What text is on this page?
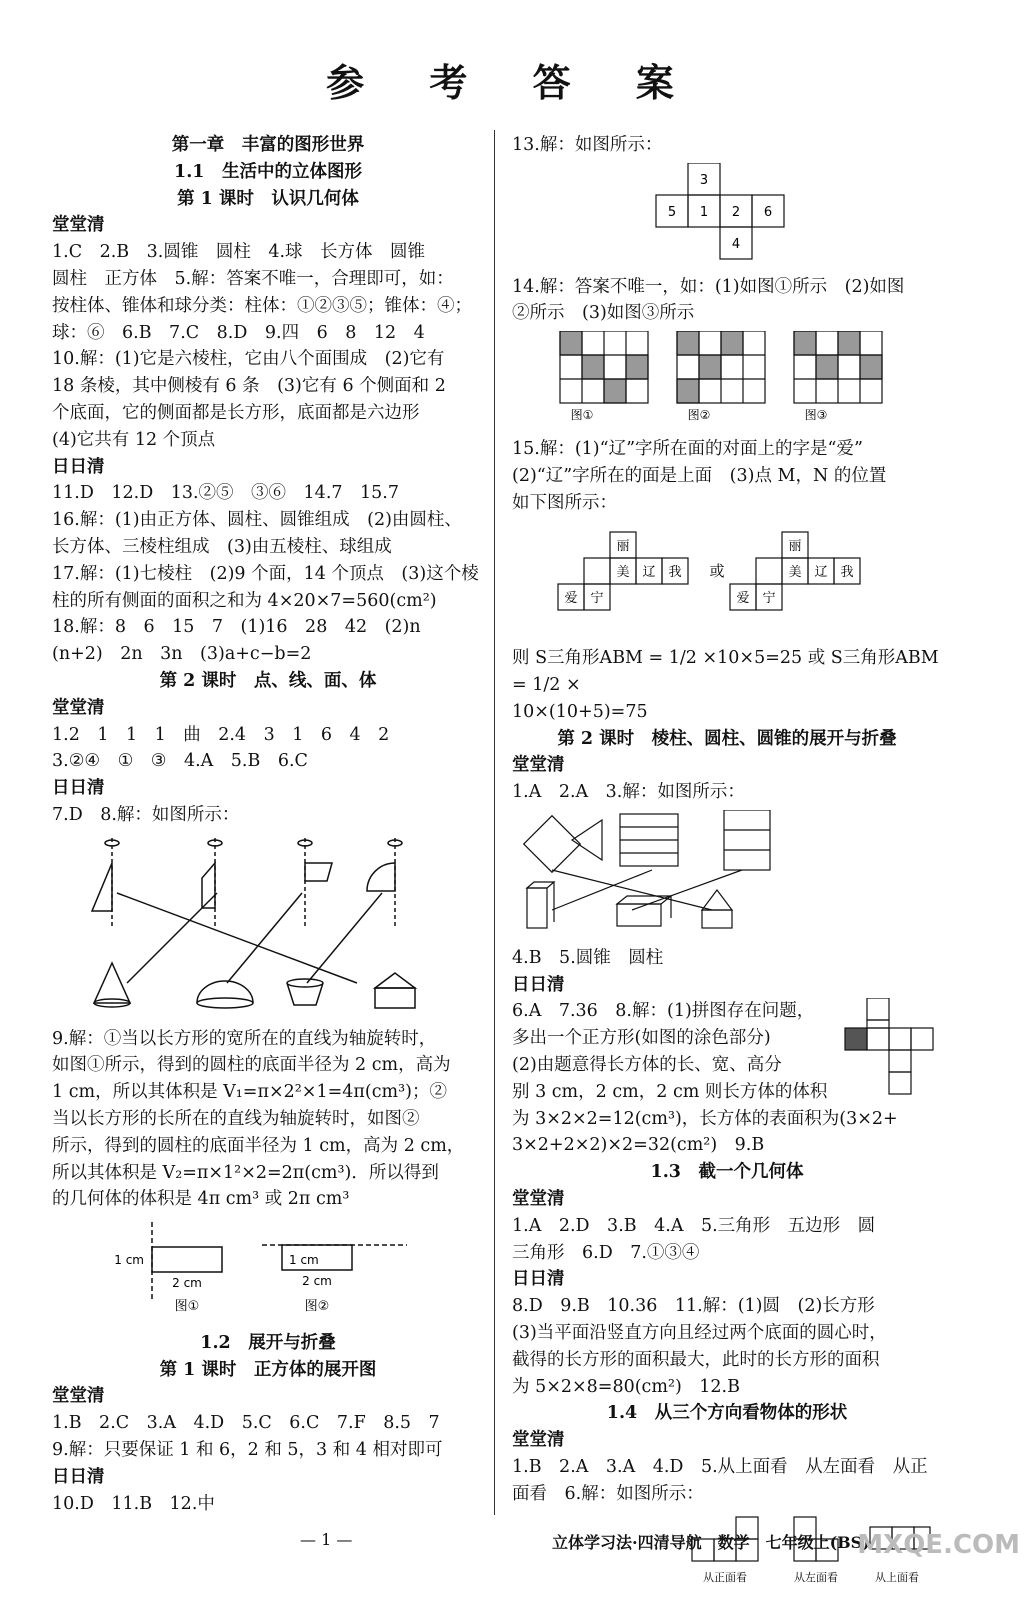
参 考 答 案
第一章　丰富的图形世界
1.1　生活中的立体图形
第 1 课时　认识几何体
堂堂清
1.C　2.B　3.圆锥　圆柱　4.球　长方体　圆锥
圆柱　正方体　5.解：答案不唯一，合理即可，如：
按柱体、锥体和球分类：柱体：①②③⑤；锥体：④；
球：⑥　6.B　7.C　8.D　9.四　6　8　12　4
10.解：(1)它是六棱柱，它由八个面围成　(2)它有
18 条棱，其中侧棱有 6 条　(3)它有 6 个侧面和 2
个底面，它的侧面都是长方形，底面都是六边形
(4)它共有 12 个顶点
日日清
11.D　12.D　13.②⑤　③⑥　14.7　15.7
16.解：(1)由正方体、圆柱、圆锥组成　(2)由圆柱、
长方体、三棱柱组成　(3)由五棱柱、球组成
17.解：(1)七棱柱　(2)9 个面，14 个顶点　(3)这个棱
柱的所有侧面的面积之和为 4×20×7=560(cm²)
18.解：8　6　15　7　(1)16　28　42　(2)n
(n+2)　2n　3n　(3)a+c−b=2
第 2 课时　点、线、面、体
堂堂清
1.2　1　1　1　曲　2.4　3　1　6　4　2
3.②④　①　③　4.A　5.B　6.C
日日清
7.D　8.解：如图所示：
9.解：①当以长方形的宽所在的直线为轴旋转时，
如图①所示，得到的圆柱的底面半径为 2 cm，高为
1 cm，所以其体积是 V₁=π×2²×1=4π(cm³)；②
当以长方形的长所在的直线为轴旋转时，如图②
所示，得到的圆柱的底面半径为 1 cm，高为 2 cm，
所以其体积是 V₂=π×1²×2=2π(cm³)．所以得到
的几何体的体积是 4π cm³ 或 2π cm³
1 cm
2 cm
1 cm
2 cm
图①	图②
1.2　展开与折叠
第 1 课时　正方体的展开图
堂堂清
1.B　2.C　3.A　4.D　5.C　6.C　7.F　8.5　7
9.解：只要保证 1 和 6，2 和 5，3 和 4 相对即可
日日清
10.D　11.B　12.中
13.解：如图所示：
3
5 1 2 6
4
14.解：答案不唯一，如：(1)如图①所示　(2)如图
②所示　(3)如图③所示
图①	图②	图③
15.解：(1)“辽”字所在面的对面上的字是“爱”
(2)“辽”字所在的面是上面　(3)点 M，N 的位置
如下图所示：
丽
美 辽 我
爱 宁
丽
美 辽 我
爱 宁
或
则 S三角形ABM = 1/2 ×10×5=25 或 S三角形ABM = 1/2 ×
10×(10+5)=75
第 2 课时　棱柱、圆柱、圆锥的展开与折叠
堂堂清
1.A　2.A　3.解：如图所示：
4.B　5.圆锥　圆柱
日日清
6.A　7.36　8.解：(1)拼图存在问题，
多出一个正方形(如图的涂色部分)
(2)由题意得长方体的长、宽、高分
别 3 cm，2 cm，2 cm 则长方体的体积
为 3×2×2=12(cm³)，长方体的表面积为(3×2+
3×2+2×2)×2=32(cm²)　9.B
1.3　截一个几何体
堂堂清
1.A　2.D　3.B　4.A　5.三角形　五边形　圆
三角形　6.D　7.①③④
日日清
8.D　9.B　10.36　11.解：(1)圆　(2)长方形
(3)当平面沿竖直方向且经过两个底面的圆心时，
截得的长方形的面积最大，此时的长方形的面积
为 5×2×8=80(cm²)　12.B
1.4　从三个方向看物体的形状
堂堂清
1.B　2.A　3.A　4.D　5.从上面看　从左面看　从正
面看　6.解：如图所示：
从正面看	从左面看	从上面看
— 1 —	立体学习法·四清导航　数学　七年级上(BS)
MXQE.COM
